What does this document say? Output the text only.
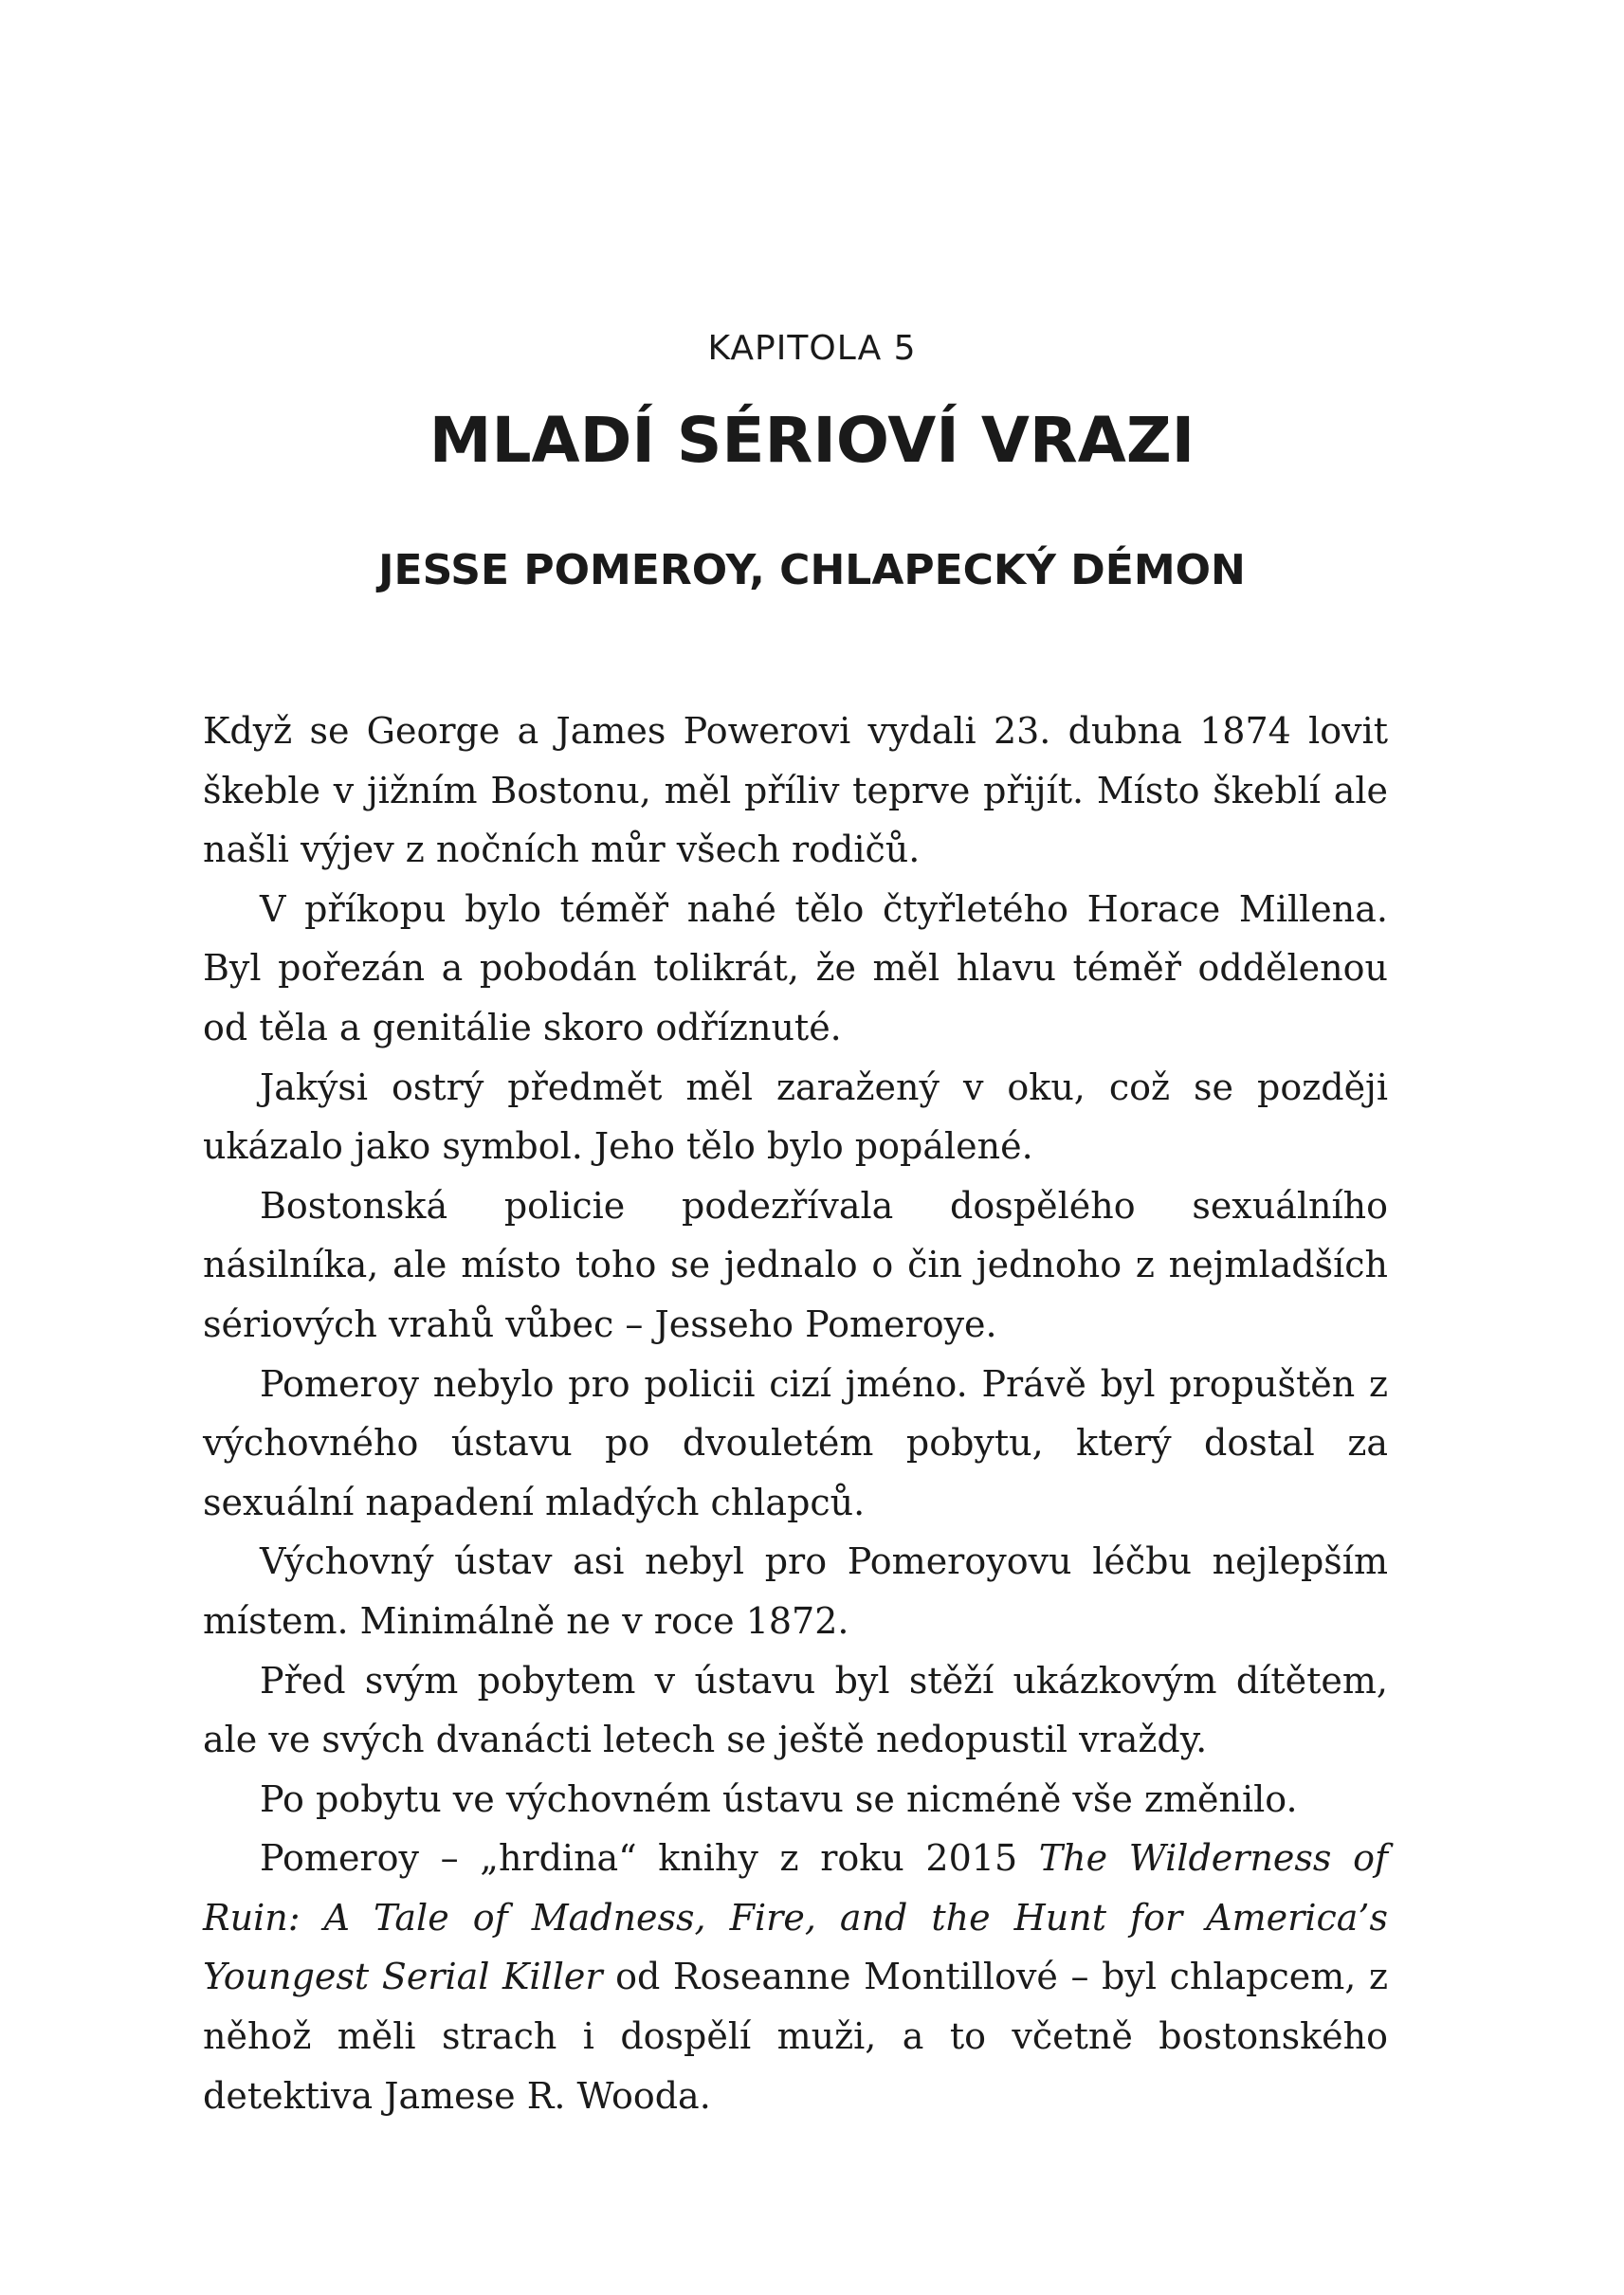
KAPITOLA 5
MLADÍ SÉRIOVÍ VRAZI
JESSE POMEROY, CHLAPECKÝ DÉMON

Když se George a James Powerovi vydali 23. dubna 1874 lovit škeble v jižním Bostonu, měl příliv teprve přijít. Místo škeblí ale našli výjev z nočních můr všech rodičů.

V příkopu bylo téměř nahé tělo čtyřletého Horace Millena. Byl pořezán a pobodán tolikrát, že měl hlavu téměř oddělenou od těla a genitálie skoro odříznuté.

Jakýsi ostrý předmět měl zaražený v oku, což se později ukázalo jako symbol. Jeho tělo bylo popálené.

Bostonská policie podezřívala dospělého sexuálního násilníka, ale místo toho se jednalo o čin jednoho z nejmladších sériových vrahů vůbec – Jesseho Pomeroye.

Pomeroy nebylo pro policii cizí jméno. Právě byl propuštěn z výchovného ústavu po dvouletém pobytu, který dostal za sexuální napadení mladých chlapců.

Výchovný ústav asi nebyl pro Pomeroyovu léčbu nejlepším místem. Minimálně ne v roce 1872.

Před svým pobytem v ústavu byl stěží ukázkovým dítětem, ale ve svých dvanácti letech se ještě nedopustil vraždy.

Po pobytu ve výchovném ústavu se nicméně vše změnilo.

Pomeroy – „hrdina“ knihy z roku 2015 The Wilderness of Ruin: A Tale of Madness, Fire, and the Hunt for America’s Youngest Serial Killer od Roseanne Montillové – byl chlapcem, z něhož měli strach i dospělí muži, a to včetně bostonského detektiva Jamese R. Wooda.
